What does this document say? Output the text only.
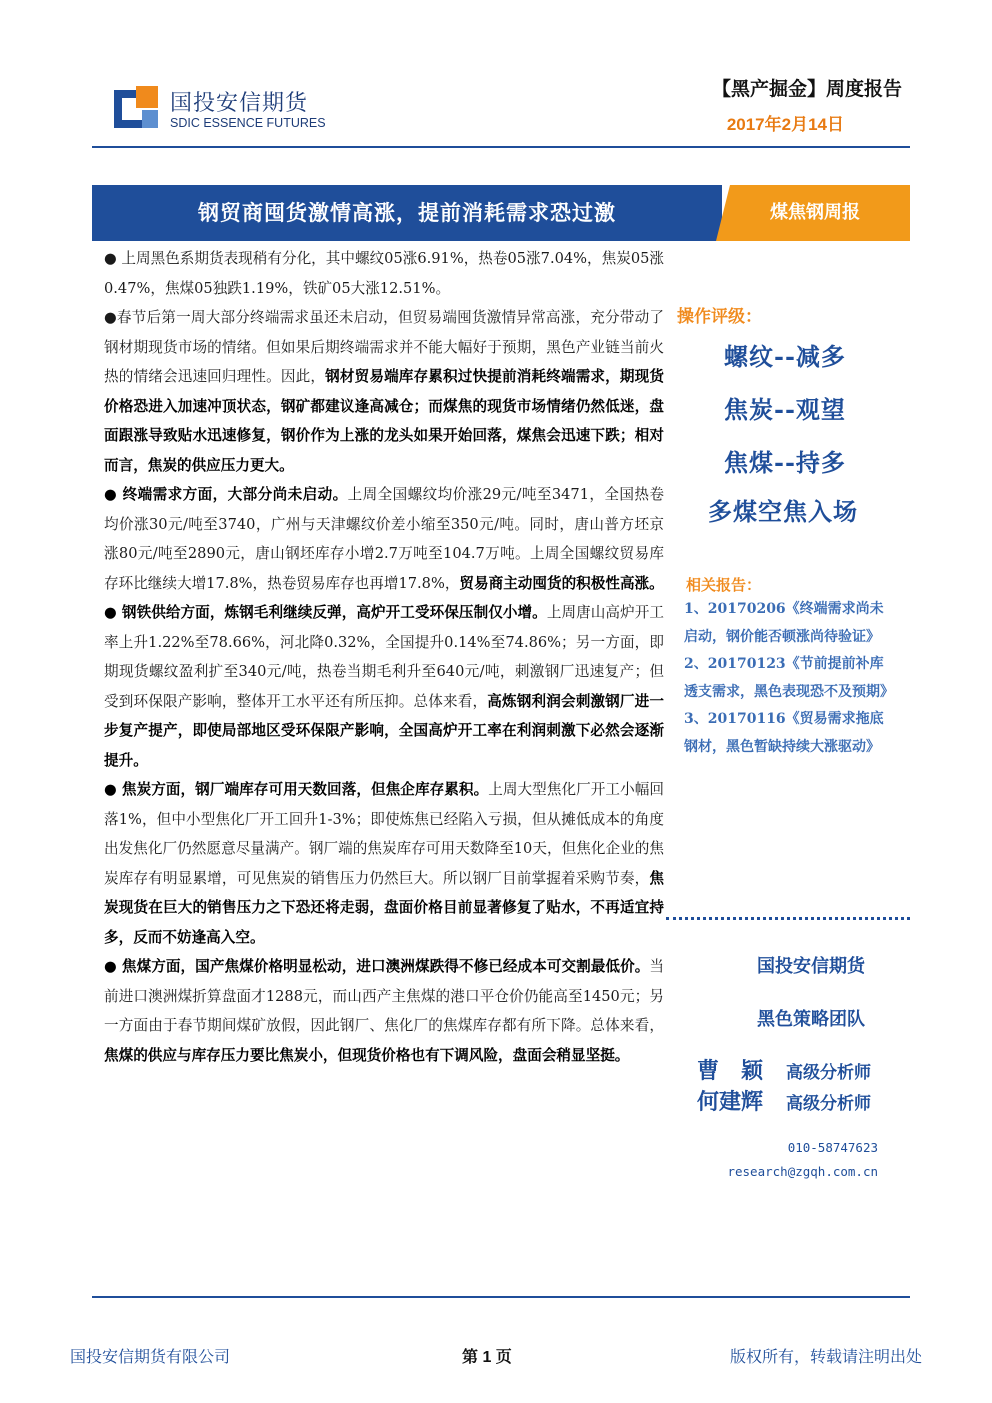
国投安信期货
SDIC ESSENCE FUTURES
【黑产掘金】周度报告
2017年2月14日
钢贸商囤货激情高涨，提前消耗需求恐过激	煤焦钢周报

● 上周黑色系期货表现稍有分化，其中螺纹05涨6.91%，热卷05涨7.04%，焦炭05涨0.47%，焦煤05独跌1.19%，铁矿05大涨12.51%。

●春节后第一周大部分终端需求虽还未启动，但贸易端囤货激情异常高涨，充分带动了钢材期现货市场的情绪。但如果后期终端需求并不能大幅好于预期，黑色产业链当前火热的情绪会迅速回归理性。因此，钢材贸易端库存累积过快提前消耗终端需求，期现货价格恐进入加速冲顶状态，钢矿都建议逢高减仓；而煤焦的现货市场情绪仍然低迷，盘面跟涨导致贴水迅速修复，钢价作为上涨的龙头如果开始回落，煤焦会迅速下跌；相对而言，焦炭的供应压力更大。

● 终端需求方面，大部分尚未启动。上周全国螺纹均价涨29元/吨至3471，全国热卷均价涨30元/吨至3740，广州与天津螺纹价差小缩至350元/吨。同时，唐山普方坯京涨80元/吨至2890元，唐山钢坯库存小增2.7万吨至104.7万吨。上周全国螺纹贸易库存环比继续大增17.8%，热卷贸易库存也再增17.8%，贸易商主动囤货的积极性高涨。

● 钢铁供给方面，炼钢毛利继续反弹，高炉开工受环保压制仅小增。上周唐山高炉开工率上升1.22%至78.66%，河北降0.32%，全国提升0.14%至74.86%；另一方面，即期现货螺纹盈利扩至340元/吨，热卷当期毛利升至640元/吨，刺激钢厂迅速复产；但受到环保限产影响，整体开工水平还有所压抑。总体来看，高炼钢利润会刺激钢厂进一步复产提产，即使局部地区受环保限产影响，全国高炉开工率在利润刺激下必然会逐渐提升。

● 焦炭方面，钢厂端库存可用天数回落，但焦企库存累积。上周大型焦化厂开工小幅回落1%，但中小型焦化厂开工回升1-3%；即使炼焦已经陷入亏损，但从摊低成本的角度出发焦化厂仍然愿意尽量满产。钢厂端的焦炭库存可用天数降至10天，但焦化企业的焦炭库存有明显累增，可见焦炭的销售压力仍然巨大。所以钢厂目前掌握着采购节奏，焦炭现货在巨大的销售压力之下恐还将走弱，盘面价格目前显著修复了贴水，不再适宜持多，反而不妨逢高入空。

● 焦煤方面，国产焦煤价格明显松动，进口澳洲煤跌得不修已经成本可交割最低价。当前进口澳洲煤折算盘面才1288元，而山西产主焦煤的港口平仓价仍能高至1450元；另一方面由于春节期间煤矿放假，因此钢厂、焦化厂的焦煤库存都有所下降。总体来看，焦煤的供应与库存压力要比焦炭小，但现货价格也有下调风险，盘面会稍显坚挺。

操作评级：
螺纹--减多
焦炭--观望
焦煤--持多
多煤空焦入场
相关报告：
1、20170206《终端需求尚未启动，钢价能否顿涨尚待验证》
2、20170123《节前提前补库透支需求，黑色表现恐不及预期》
3、20170116《贸易需求拖底钢材，黑色暂缺持续大涨驱动》
国投安信期货
黑色策略团队
曹　颖 高级分析师
何建辉 高级分析师
010-58747623
research@zgqh.com.cn
国投安信期货有限公司	第 1 页	版权所有，转载请注明出处
